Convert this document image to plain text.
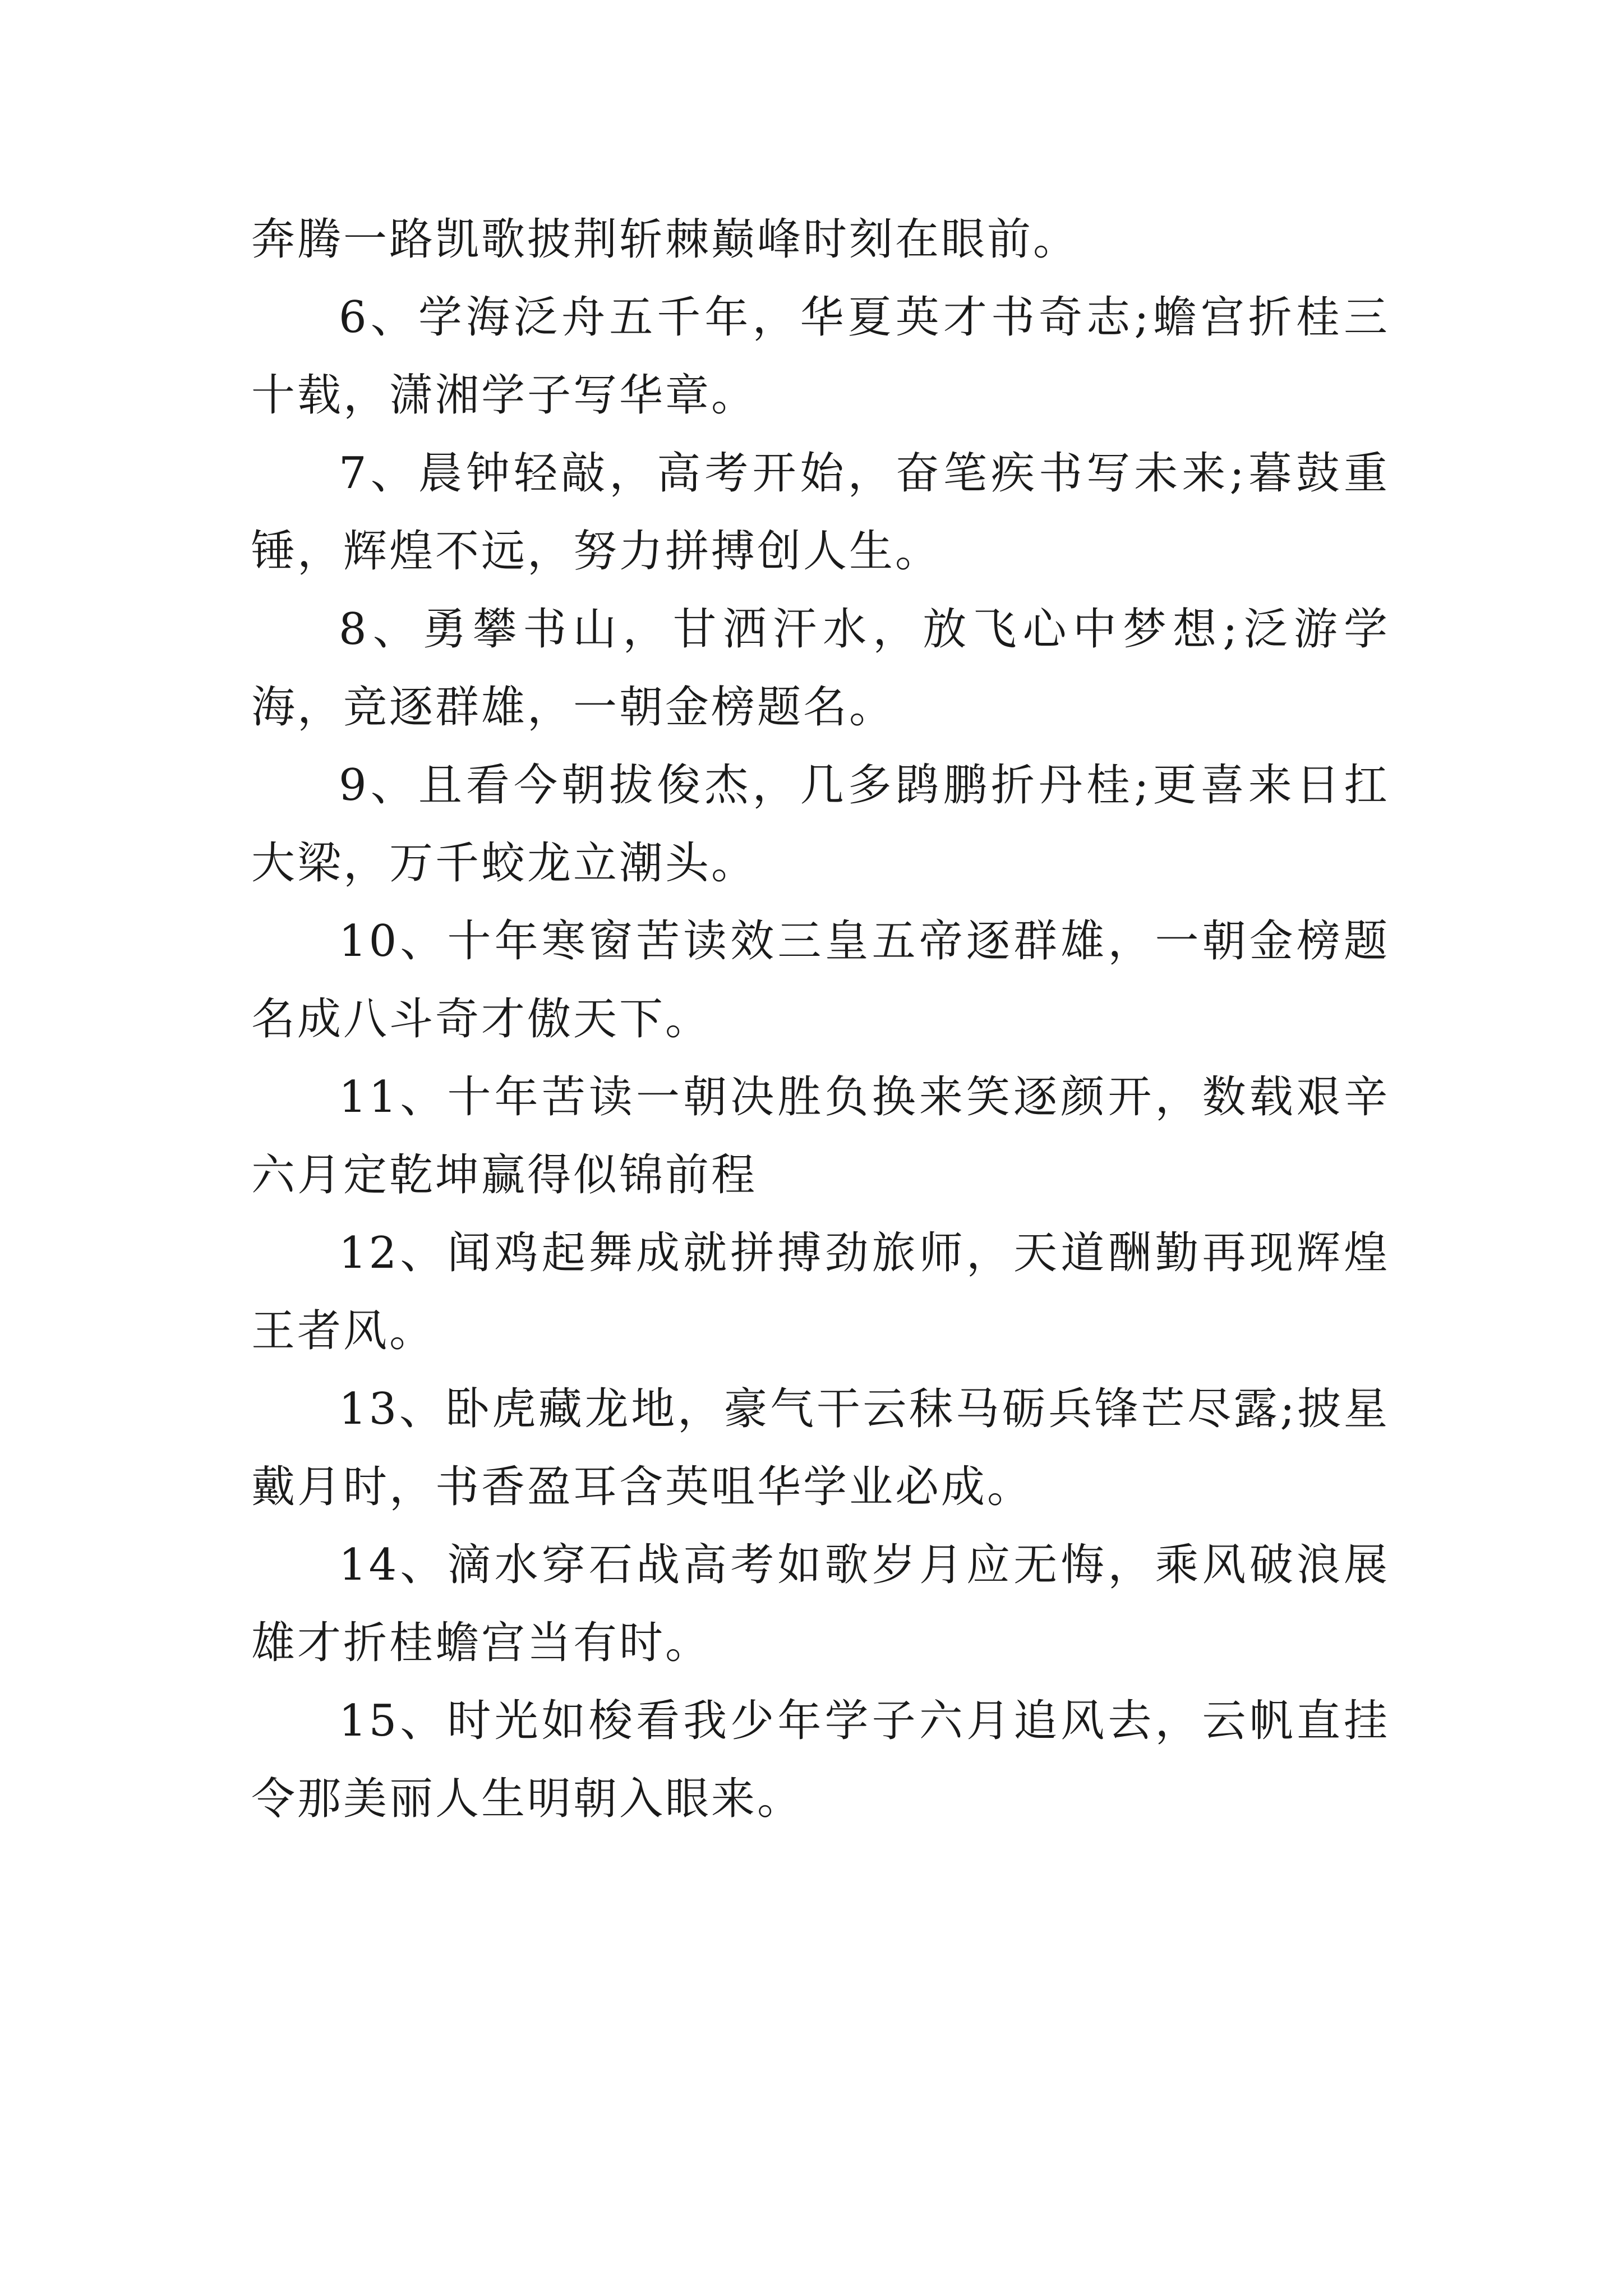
奔腾一路凯歌披荆斩棘巅峰时刻在眼前。

6、学海泛舟五千年，华夏英才书奇志;蟾宫折桂三十载，潇湘学子写华章。

7、晨钟轻敲，高考开始，奋笔疾书写未来;暮鼓重锤，辉煌不远，努力拼搏创人生。

8、勇攀书山，甘洒汗水，放飞心中梦想;泛游学海，竞逐群雄，一朝金榜题名。

9、且看今朝拔俊杰，几多鹍鹏折丹桂;更喜来日扛大梁，万千蛟龙立潮头。

10、十年寒窗苦读效三皇五帝逐群雄，一朝金榜题名成八斗奇才傲天下。

11、十年苦读一朝决胜负换来笑逐颜开，数载艰辛六月定乾坤赢得似锦前程

12、闻鸡起舞成就拼搏劲旅师，天道酬勤再现辉煌王者风。

13、卧虎藏龙地，豪气干云秣马砺兵锋芒尽露;披星戴月时，书香盈耳含英咀华学业必成。

14、滴水穿石战高考如歌岁月应无悔，乘风破浪展雄才折桂蟾宫当有时。

15、时光如梭看我少年学子六月追风去，云帆直挂令那美丽人生明朝入眼来。
